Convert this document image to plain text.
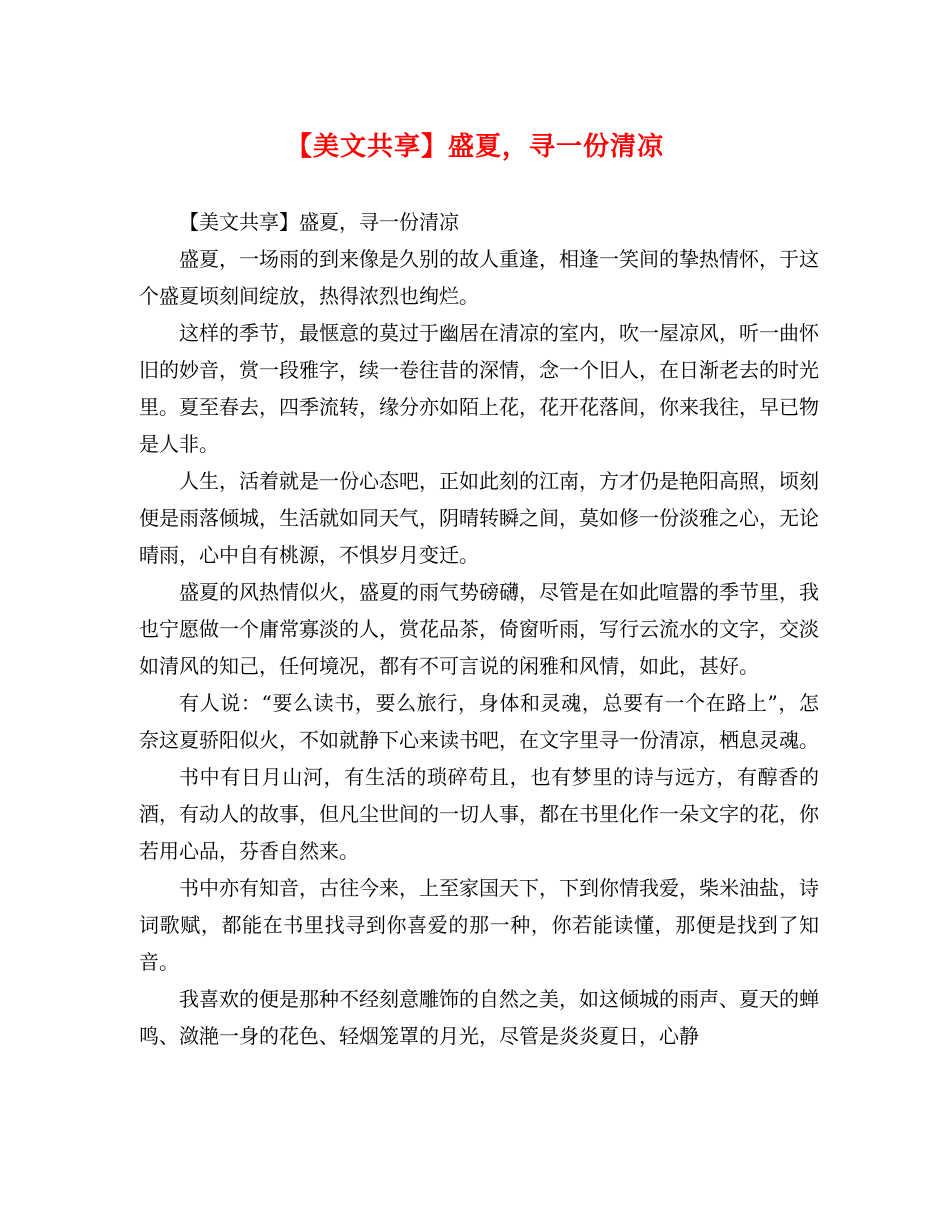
【美文共享】盛夏，寻一份清凉

【美文共享】盛夏，寻一份清凉

盛夏，一场雨的到来像是久别的故人重逢，相逢一笑间的挚热情怀，于这个盛夏顷刻间绽放，热得浓烈也绚烂。

这样的季节，最惬意的莫过于幽居在清凉的室内，吹一屋凉风，听一曲怀旧的妙音，赏一段雅字，续一卷往昔的深情，念一个旧人，在日渐老去的时光里。夏至春去，四季流转，缘分亦如陌上花，花开花落间，你来我往，早已物是人非。

人生，活着就是一份心态吧，正如此刻的江南，方才仍是艳阳高照，顷刻便是雨落倾城，生活就如同天气，阴晴转瞬之间，莫如修一份淡雅之心，无论晴雨，心中自有桃源，不惧岁月变迁。

盛夏的风热情似火，盛夏的雨气势磅礴，尽管是在如此喧嚣的季节里，我也宁愿做一个庸常寡淡的人，赏花品茶，倚窗听雨，写行云流水的文字，交淡如清风的知己，任何境况，都有不可言说的闲雅和风情，如此，甚好。

有人说：“要么读书，要么旅行，身体和灵魂，总要有一个在路上”，怎奈这夏骄阳似火，不如就静下心来读书吧，在文字里寻一份清凉，栖息灵魂。

书中有日月山河，有生活的琐碎苟且，也有梦里的诗与远方，有醇香的酒，有动人的故事，但凡尘世间的一切人事，都在书里化作一朵文字的花，你若用心品，芬香自然来。

书中亦有知音，古往今来，上至家国天下，下到你情我爱，柴米油盐，诗词歌赋，都能在书里找寻到你喜爱的那一种，你若能读懂，那便是找到了知音。

我喜欢的便是那种不经刻意雕饰的自然之美，如这倾城的雨声、夏天的蝉鸣、潋滟一身的花色、轻烟笼罩的月光，尽管是炎炎夏日，心静
